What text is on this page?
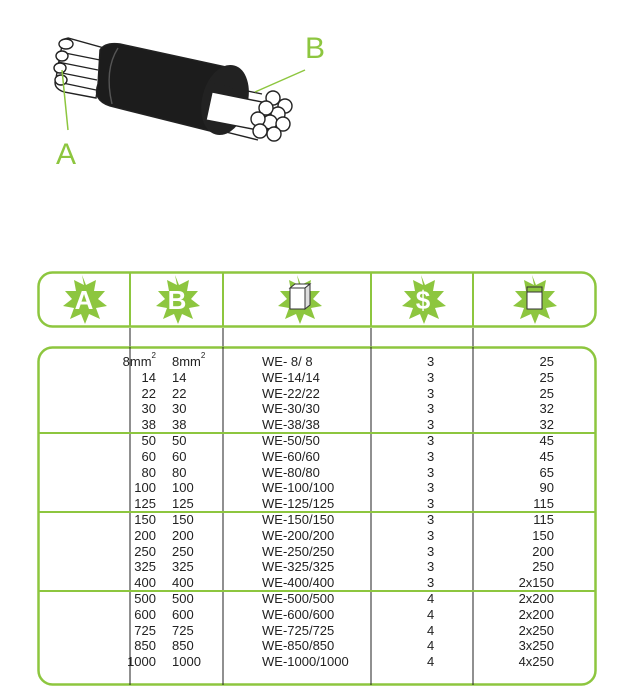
A
B
A	B	$
$8mm^2$ $8mm^2$	WE- 8/ 8	3	25
14 14	WE-14/14	3	25
22 22	WE-22/22	3	25
30 30	WE-30/30	3	32
38 38	WE-38/38	3	32
50 50	WE-50/50	3	45
60 60	WE-60/60	3	45
80 80	WE-80/80	3	65
100 100	WE-100/100	3	90
125 125	WE-125/125	3	115
150 150	WE-150/150	3	115
200 200	WE-200/200	3	150
250 250	WE-250/250	3	200
325 325	WE-325/325	3	250
400 400	WE-400/400	3	2x150
500 500	WE-500/500	4	2x200
600 600	WE-600/600	4	2x200
725 725	WE-725/725	4	2x250
850 850	WE-850/850	4	3x250
1000 1000	WE-1000/1000	4	4x250
